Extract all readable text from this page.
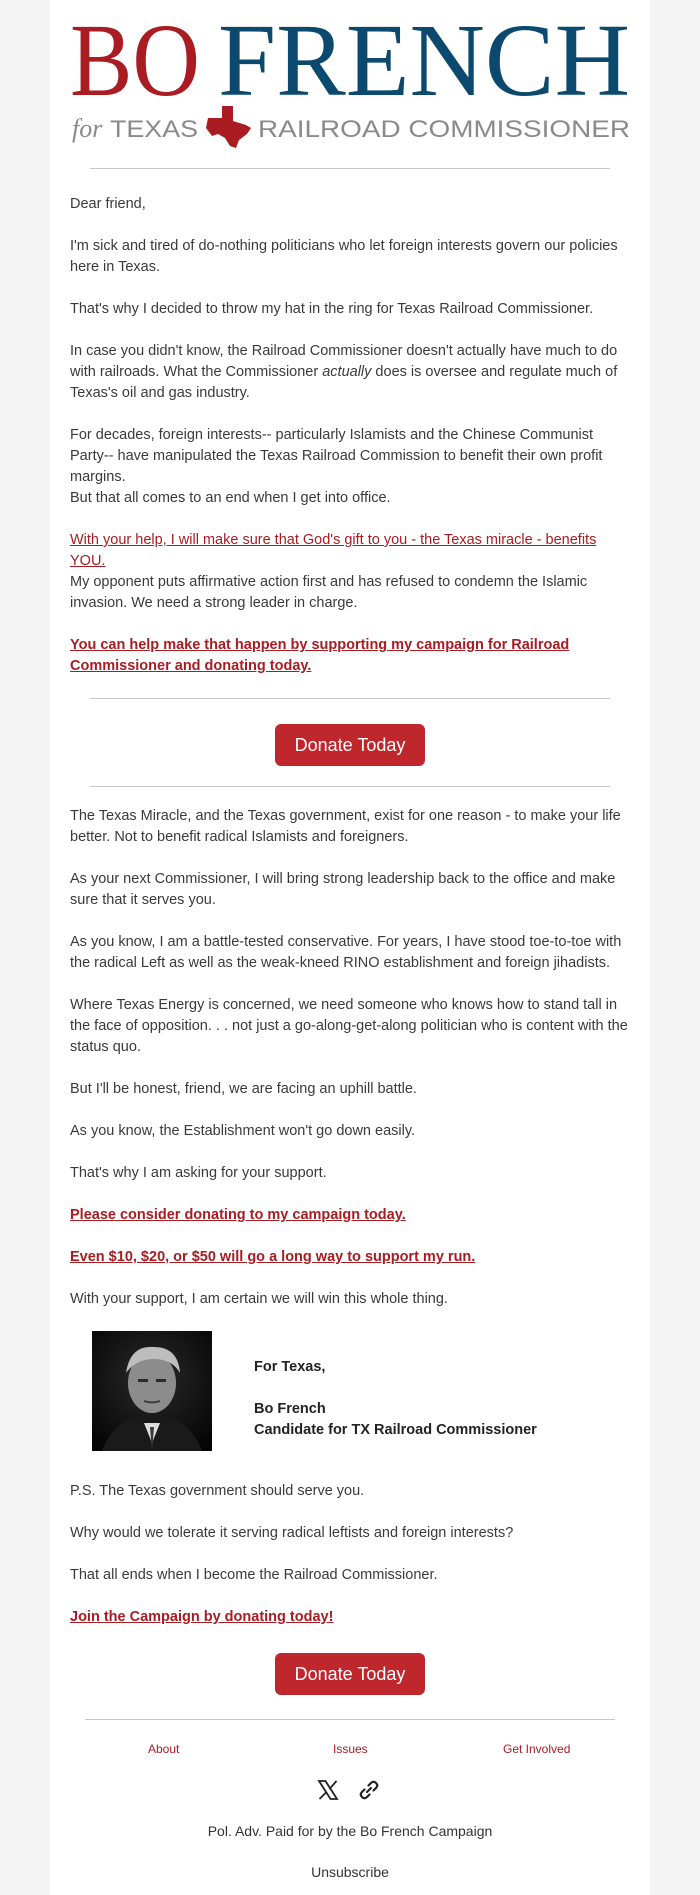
BO FRENCH
for TEXAS	RAILROAD COMMISSIONER

Dear friend,

I'm sick and tired of do-nothing politicians who let foreign interests govern our policies here in Texas.

That's why I decided to throw my hat in the ring for Texas Railroad Commissioner.

In case you didn't know, the Railroad Commissioner doesn't actually have much to do with railroads. What the Commissioner actually does is oversee and regulate much of Texas's oil and gas industry.

For decades, foreign interests-- particularly Islamists and the Chinese Communist Party-- have manipulated the Texas Railroad Commission to benefit their own profit margins.

But that all comes to an end when I get into office.

With your help, I will make sure that God's gift to you - the Texas miracle - benefits YOU.

My opponent puts affirmative action first and has refused to condemn the Islamic invasion. We need a strong leader in charge.

You can help make that happen by supporting my campaign for Railroad Commissioner and donating today.

Donate Today

The Texas Miracle, and the Texas government, exist for one reason - to make your life better. Not to benefit radical Islamists and foreigners.

As your next Commissioner, I will bring strong leadership back to the office and make sure that it serves you.

As you know, I am a battle-tested conservative. For years, I have stood toe-to-toe with the radical Left as well as the weak-kneed RINO establishment and foreign jihadists.

Where Texas Energy is concerned, we need someone who knows how to stand tall in the face of opposition. . . not just a go-along-get-along politician who is content with the status quo.

But I'll be honest, friend, we are facing an uphill battle.

As you know, the Establishment won't go down easily.

That's why I am asking for your support.

Please consider donating to my campaign today.

Even $10, $20, or $50 will go a long way to support my run.

With your support, I am certain we will win this whole thing.

For Texas,
Bo French
Candidate for TX Railroad Commissioner

P.S. The Texas government should serve you.

Why would we tolerate it serving radical leftists and foreign interests?

That all ends when I become the Railroad Commissioner.

Join the Campaign by donating today!

Donate Today
About	Issues	Get Involved
Pol. Adv. Paid for by the Bo French Campaign
Unsubscribe
